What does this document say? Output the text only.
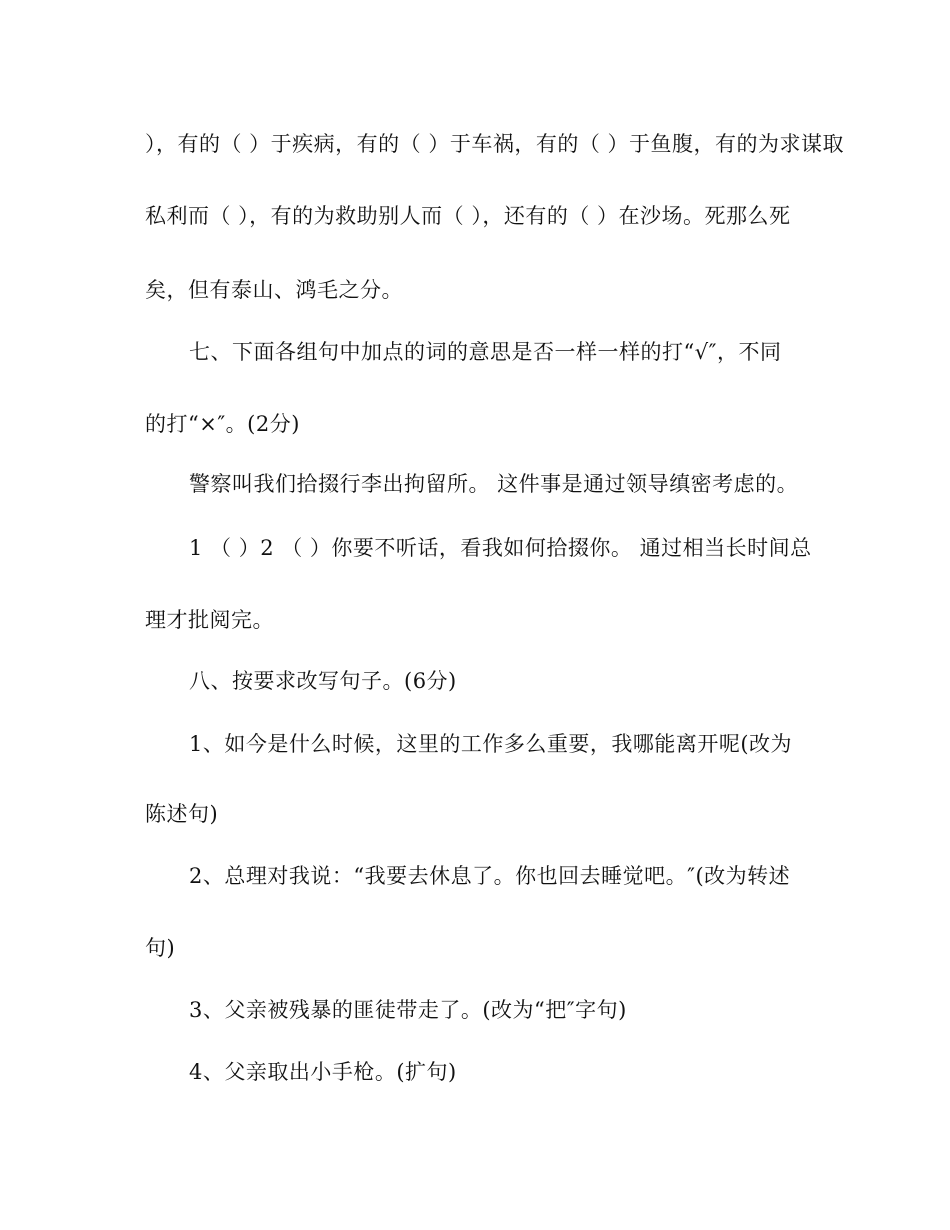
），有的（ ）于疾病，有的（ ）于车祸，有的（ ）于鱼腹，有的为求谋取
私利而（ ），有的为救助别人而（ ），还有的（ ）在沙场。死那么死
矣，但有泰山、鸿毛之分。
七、下面各组句中加点的词的意思是否一样一样的打“√″，不同
的打“×″。(2分)
警察叫我们拾掇行李出拘留所。 这件事是通过领导缜密考虑的。
1 （ ）2 （ ）你要不听话，看我如何拾掇你。 通过相当长时间总
理才批阅完。
八、按要求改写句子。(6分)
1、如今是什么时候，这里的工作多么重要，我哪能离开呢(改为
陈述句)
2、总理对我说：“我要去休息了。你也回去睡觉吧。″(改为转述
句)
3、父亲被残暴的匪徒带走了。(改为“把″字句)
4、父亲取出小手枪。(扩句)
